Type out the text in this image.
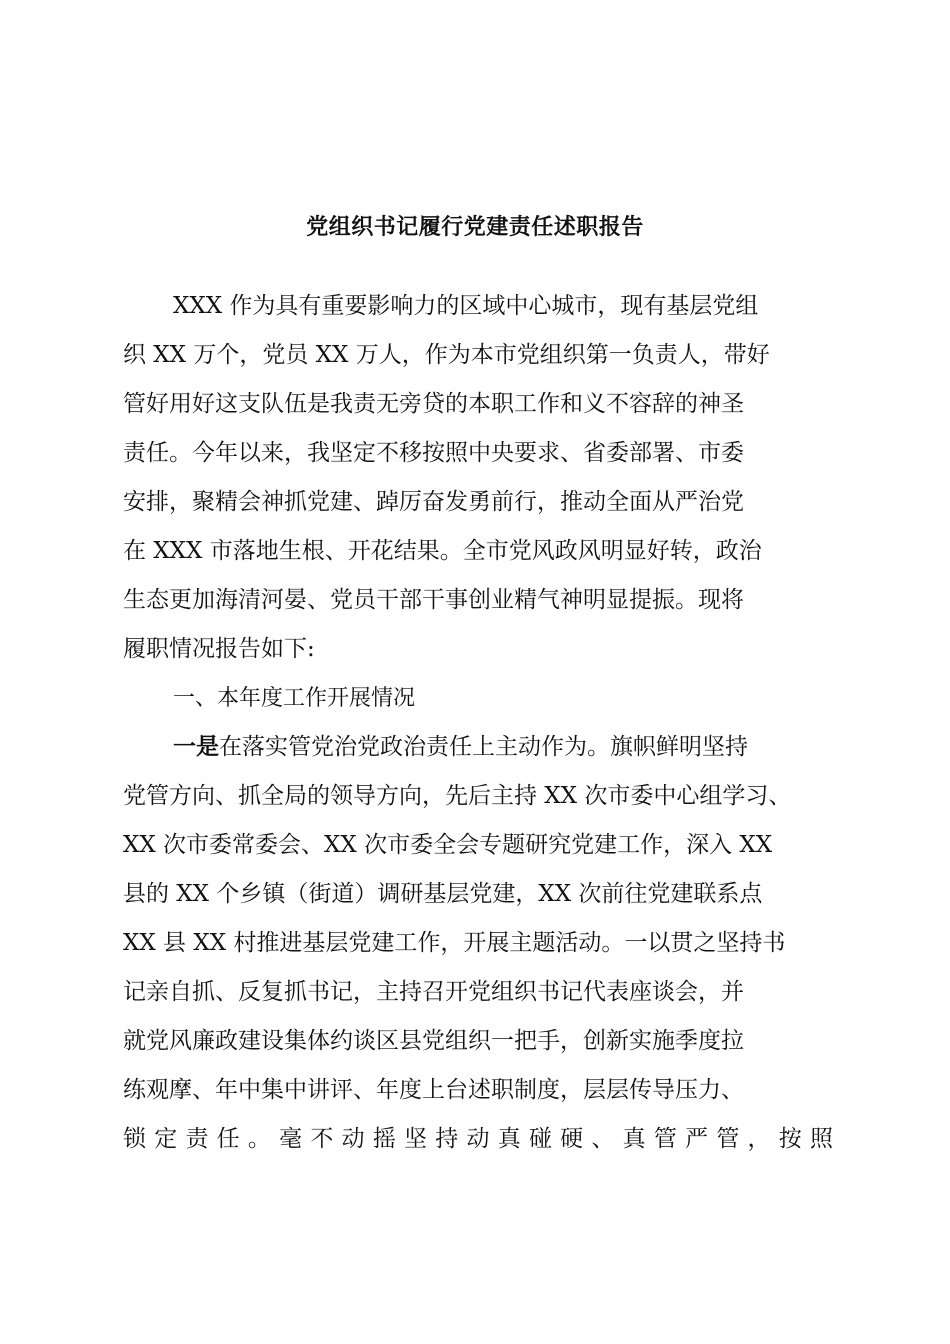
党组织书记履行党建责任述职报告
XXX 作为具有重要影响力的区域中心城市，现有基层党组
织 XX 万个，党员 XX 万人，作为本市党组织第一负责人，带好
管好用好这支队伍是我责无旁贷的本职工作和义不容辞的神圣
责任。今年以来，我坚定不移按照中央要求、省委部署、市委
安排，聚精会神抓党建、踔厉奋发勇前行，推动全面从严治党
在 XXX 市落地生根、开花结果。全市党风政风明显好转，政治
生态更加海清河晏、党员干部干事创业精气神明显提振。现将
履职情况报告如下:
一、本年度工作开展情况
一是在落实管党治党政治责任上主动作为。旗帜鲜明坚持
党管方向、抓全局的领导方向，先后主持 XX 次市委中心组学习、
XX 次市委常委会、XX 次市委全会专题研究党建工作，深入 XX
县的 XX 个乡镇（街道）调研基层党建，XX 次前往党建联系点
XX 县 XX 村推进基层党建工作，开展主题活动。一以贯之坚持书
记亲自抓、反复抓书记，主持召开党组织书记代表座谈会，并
就党风廉政建设集体约谈区县党组织一把手，创新实施季度拉
练观摩、年中集中讲评、年度上台述职制度，层层传导压力、
锁定责任。毫不动摇坚持动真碰硬、真管严管，按照
